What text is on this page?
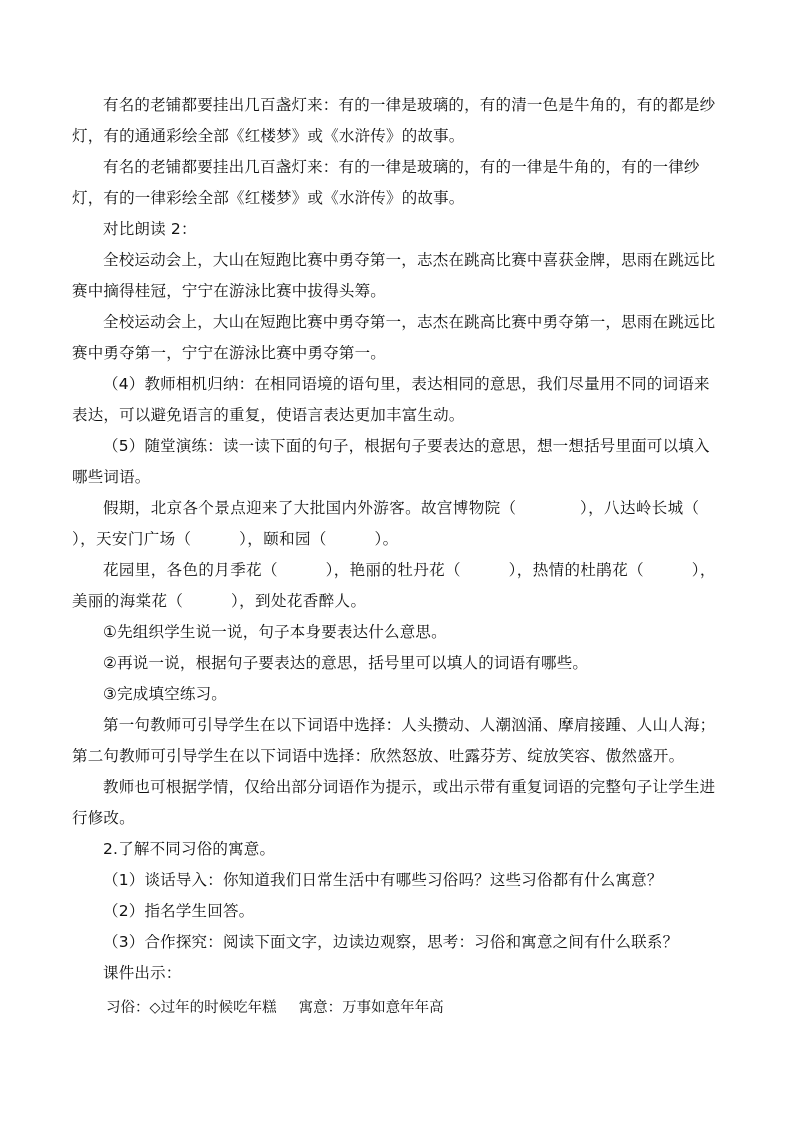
有名的老铺都要挂出几百盏灯来：有的一律是玻璃的，有的清一色是牛角的，有的都是纱灯，有的通通彩绘全部《红楼梦》或《水浒传》的故事。

有名的老铺都要挂出几百盏灯来：有的一律是玻璃的，有的一律是牛角的，有的一律纱灯，有的一律彩绘全部《红楼梦》或《水浒传》的故事。

对比朗读 2：

全校运动会上，大山在短跑比赛中勇夺第一，志杰在跳高比赛中喜获金牌，思雨在跳远比赛中摘得桂冠，宁宁在游泳比赛中拔得头筹。

全校运动会上，大山在短跑比赛中勇夺第一，志杰在跳高比赛中勇夺第一，思雨在跳远比赛中勇夺第一，宁宁在游泳比赛中勇夺第一。

（4）教师相机归纳：在相同语境的语句里，表达相同的意思，我们尽量用不同的词语来表达，可以避免语言的重复，使语言表达更加丰富生动。

（5）随堂演练：读一读下面的句子，根据句子要表达的意思，想一想括号里面可以填入哪些词语。

假期，北京各个景点迎来了大批国内外游客。故宫博物院（　　　　），八达岭长城（　　　），天安门广场（　　　），颐和园（　　　）。

花园里，各色的月季花（　　　），艳丽的牡丹花（　　　），热情的杜鹃花（　　　），美丽的海棠花（　　　），到处花香醉人。

①先组织学生说一说，句子本身要表达什么意思。

②再说一说，根据句子要表达的意思，括号里可以填人的词语有哪些。

③完成填空练习。

第一句教师可引导学生在以下词语中选择：人头攒动、人潮汹涌、摩肩接踵、人山人海；第二句教师可引导学生在以下词语中选择：欣然怒放、吐露芬芳、绽放笑容、傲然盛开。

教师也可根据学情，仅给出部分词语作为提示，或出示带有重复词语的完整句子让学生进行修改。

2.了解不同习俗的寓意。

（1）谈话导入：你知道我们日常生活中有哪些习俗吗？这些习俗都有什么寓意？

（2）指名学生回答。

（3）合作探究：阅读下面文字，边读边观察，思考：习俗和寓意之间有什么联系？

课件出示：

习俗：◇过年的时候吃年糕 寓意：万事如意年年高
